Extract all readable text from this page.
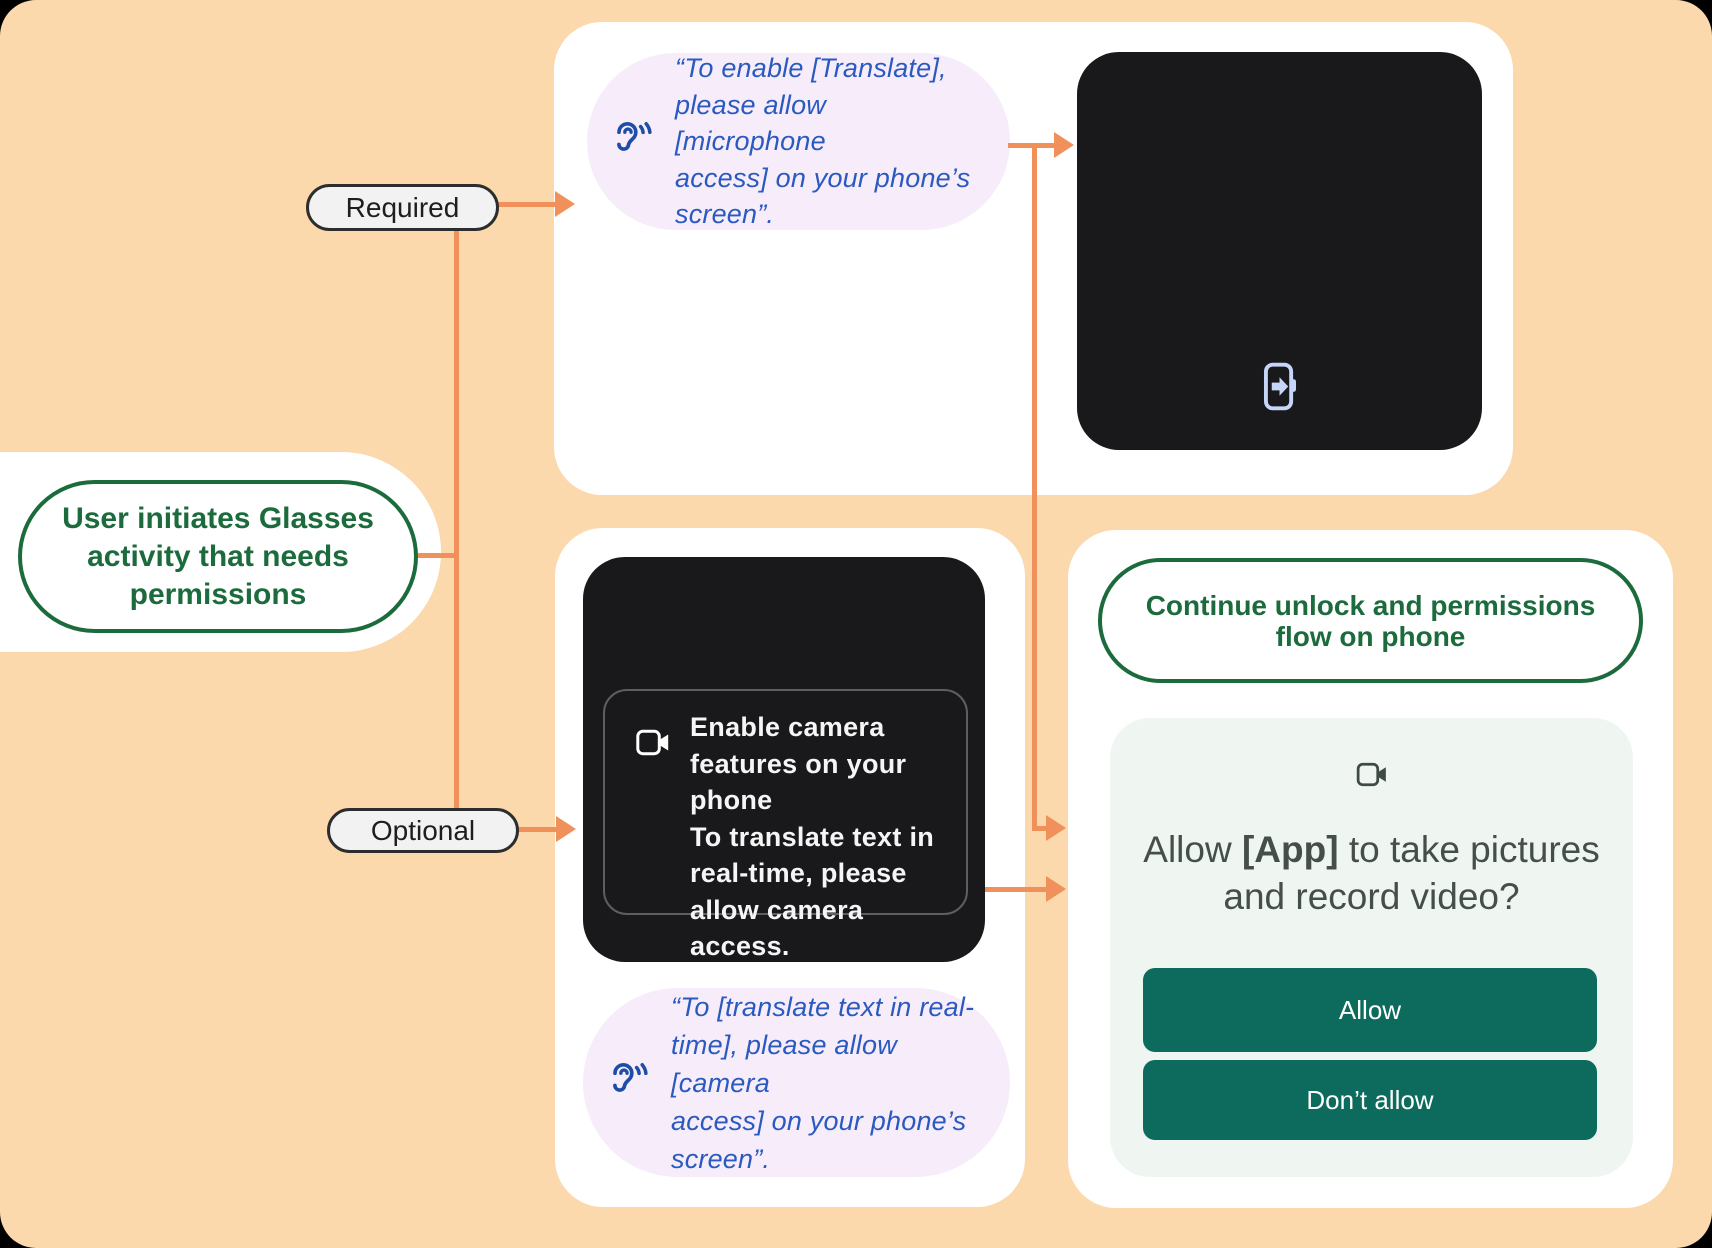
“To enable [Translate],
please allow [microphone
access] on your phone’s
screen”.
Enable camera
features on your
phone
To translate text in
real-time, please
allow camera access.
“To [translate text in real-
time], please allow [camera
access] on your phone’s
screen”.
Continue unlock and permissions
flow on phone
Allow [App] to take pictures
and record video?
Allow
Don’t allow
User initiates Glasses
activity that needs
permissions
Required
Optional
